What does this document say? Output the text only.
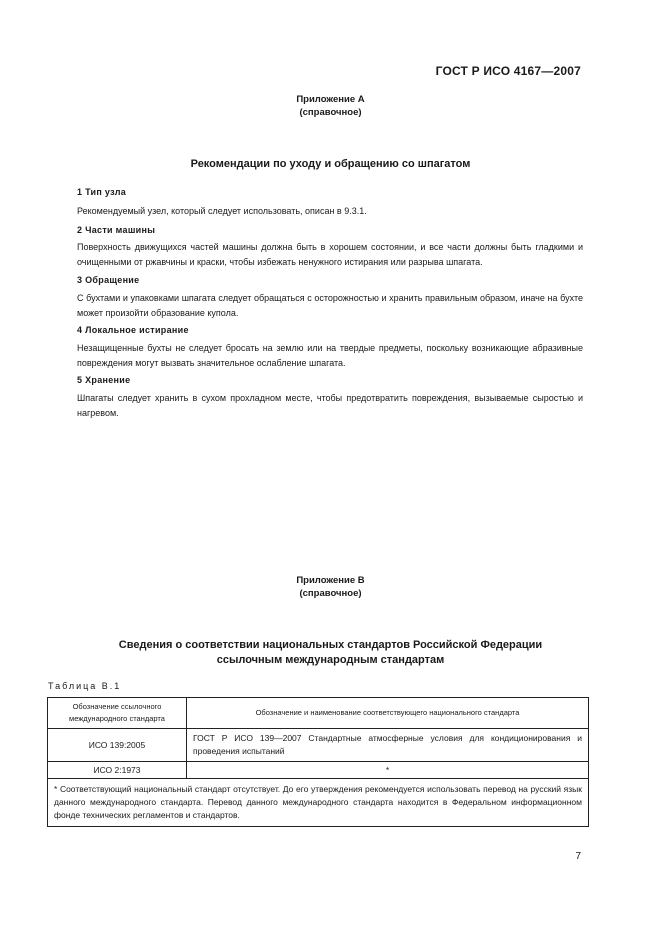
ГОСТ Р ИСО 4167—2007
Приложение А
(справочное)
Рекомендации по уходу и обращению со шпагатом
1 Тип узла
Рекомендуемый узел, который следует использовать, описан в 9.3.1.
2 Части машины
Поверхность движущихся частей машины должна быть в хорошем состоянии, и все части должны быть гладкими и очищенными от ржавчины и краски, чтобы избежать ненужного истирания или разрыва шпагата.
3 Обращение
С бухтами и упаковками шпагата следует обращаться с осторожностью и хранить правильным образом, иначе на бухте может произойти образование купола.
4 Локальное истирание
Незащищенные бухты не следует бросать на землю или на твердые предметы, поскольку возникающие абразивные повреждения могут вызвать значительное ослабление шпагата.
5 Хранение
Шпагаты следует хранить в сухом прохладном месте, чтобы предотвратить повреждения, вызываемые сыростью и нагревом.
Приложение В
(справочное)
Сведения о соответствии национальных стандартов Российской Федерации
ссылочным международным стандартам
Таблица В.1
Обозначение ссылочного международного стандарта	Обозначение и наименование соответствующего национального стандарта
ИСО 139:2005	ГОСТ Р ИСО 139—2007 Стандартные атмосферные условия для кондиционирования и проведения испытаний
ИСО 2:1973	*
* Соответствующий национальный стандарт отсутствует. До его утверждения рекомендуется использовать перевод на русский язык данного международного стандарта. Перевод данного международного стандарта находится в Федеральном информационном фонде технических регламентов и стандартов.	
7
